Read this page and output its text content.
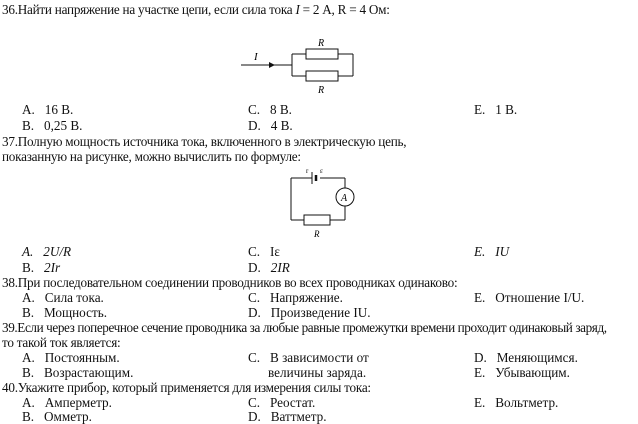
36.Найти напряжение на участке цепи, если сила тока I = 2 А, R = 4 Ом:
I
R
R
A. 16 В.	C. 8 В.	E. 1 В.
B. 0,25 В.	D. 4 В.
37.Полную мощность источника тока, включенного в электрическую цепь,
показанную на рисунке, можно вычислить по формуле:
r ε
A
R
A. 2U/R	C. Iε	E. IU
B. 2Ir	D. 2IR
38.При последовательном соединении проводников во всех проводниках одинаково:
A. Сила тока.	C. Напряжение.	E. Отношение I/U.
B. Мощность.	D. Произведение IU.
39.Если через поперечное сечение проводника за любые равные промежутки времени проходит одинаковый заряд,
то такой ток является:
A. Постоянным.	C. В зависимости от	D. Меняющимся.
B. Возрастающим.	величины заряда.	E. Убывающим.
40.Укажите прибор, который применяется для измерения силы тока:
A. Амперметр.	C. Реостат.	E. Вольтметр.
B. Омметр.	D. Ваттметр.
